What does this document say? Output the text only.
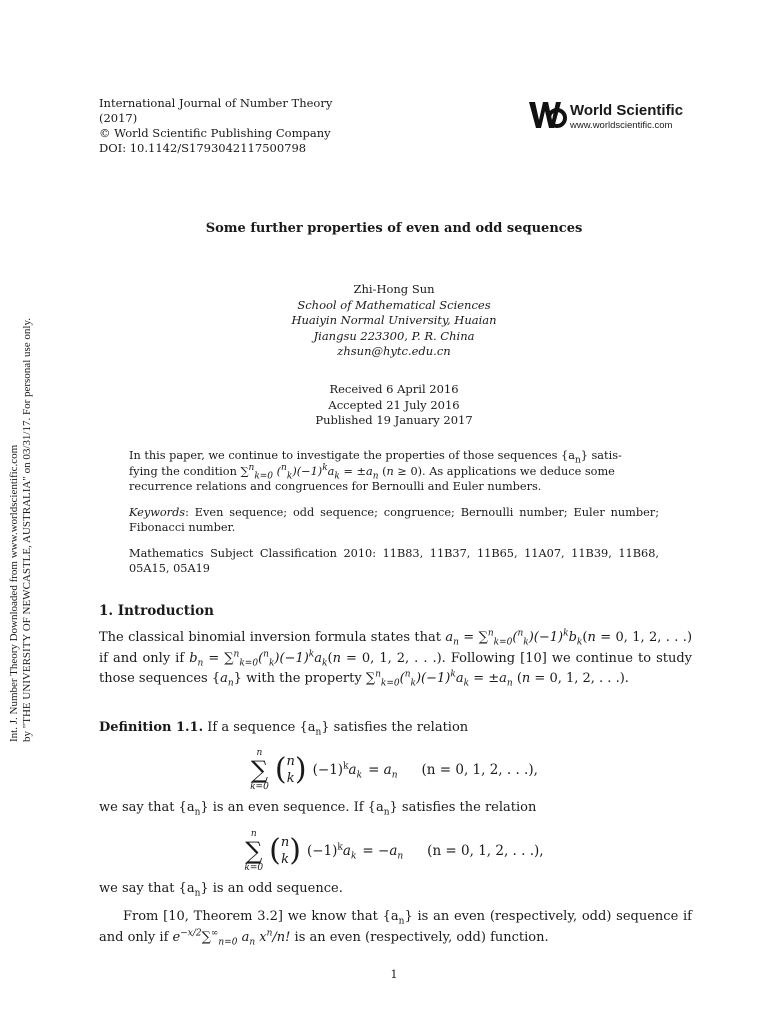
International Journal of Number Theory
(2017)
© World Scientific Publishing Company
DOI: 10.1142/S1793042117500798
World Scientific
www.worldscientific.com
Int. J. Number Theory Downloaded from www.worldscientific.com by "THE UNIVERSITY OF NEWCASTLE, AUSTRALIA" on 03/31/17. For personal use only.
Some further properties of even and odd sequences
Zhi-Hong Sun
School of Mathematical Sciences
Huaiyin Normal University, Huaian
Jiangsu 223300, P. R. China
zhsun@hytc.edu.cn
Received 6 April 2016
Accepted 21 July 2016
Published 19 January 2017
In this paper, we continue to investigate the properties of those sequences $\{a_n\}$ satis-
fying the condition ∑$^n_{k=0}$ $(^n_k)(-1)^ka_k = \pm a_n$ (n ≥ 0). As applications we deduce some
recurrence relations and congruences for Bernoulli and Euler numbers.
Keywords: Even sequence; odd sequence; congruence; Bernoulli number; Euler number; Fibonacci number.
Mathematics Subject Classification 2010: 11B83, 11B37, 11B65, 11A07, 11B39, 11B68, 05A15, 05A19
1. Introduction
The classical binomial inversion formula states that $a_n = \sum^n_{k=0}(^n_k)(-1)^kb_k(n = 0$, 1, 2, . . .) if and only if $b_n = \sum^n_{k=0}(^n_k)(-1)^ka_k(n = 0$, 1, 2, . . .). Following [10] we continue to study those sequences $\{a_n\}$ with the property $\sum^n_{k=0}(^n_k)(-1)^ka_k = \pm a_n$ (n = 0, 1, 2, . . .).
Definition 1.1. If a sequence $\{a_n\}$ satisfies the relation
n
∑
k=0 ( n
k ) $(-1)^ka_k = a_n$ (n = 0, 1, 2, . . .),
we say that $\{a_n\}$ is an even sequence. If $\{a_n\}$ satisfies the relation
n
∑
k=0 ( n
k ) $(-1)^ka_k = -a_n$ (n = 0, 1, 2, . . .),
we say that $\{a_n\}$ is an odd sequence.
From [10, Theorem 3.2] we know that $\{a_n\}$ is an even (respectively, odd) sequence if and only if $e^{-x/2}\sum^\infty_{n=0}$ $a_n$ $x^n/n$! is an even (respectively, odd) function.
1
